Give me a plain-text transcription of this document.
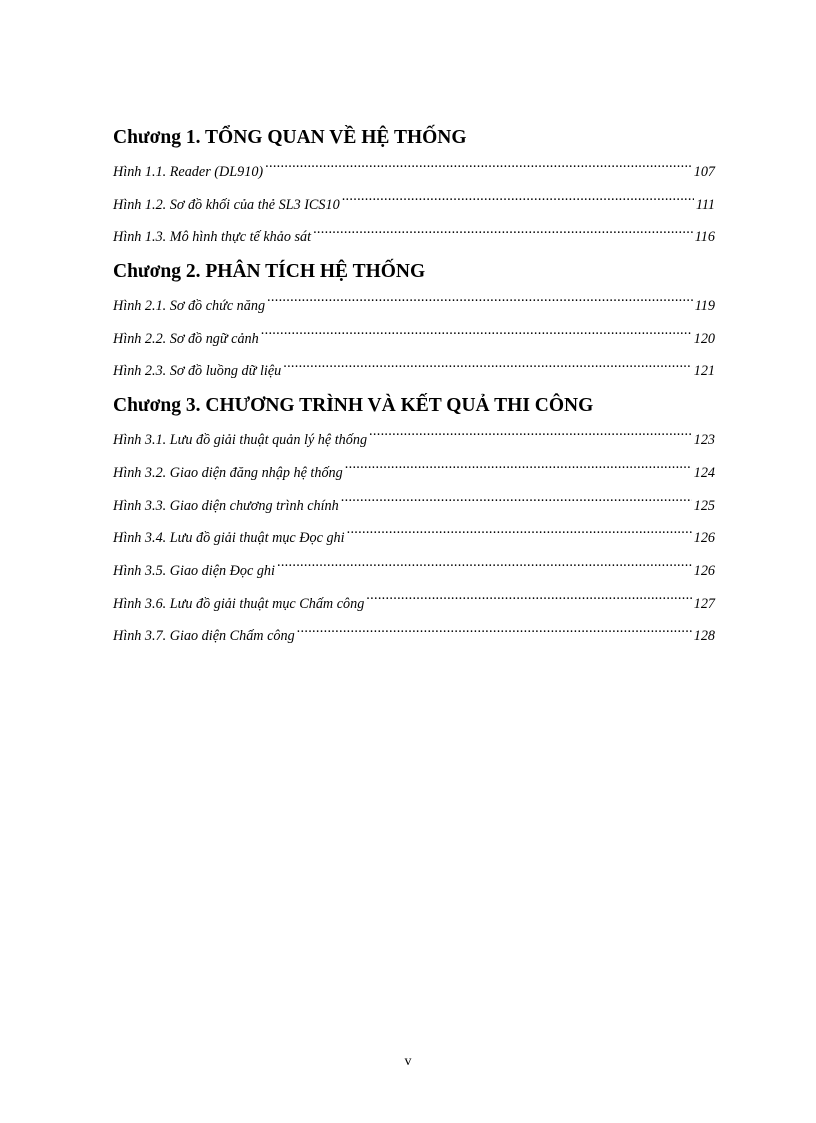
Chương 1. TỔNG QUAN VỀ HỆ THỐNG
Hình 1.1. Reader (DL910) .....	107
Hình 1.2. Sơ đồ khối của thẻ SL3 ICS10 .....	111
Hình 1.3. Mô hình thực tế khảo sát .....	116
Chương 2. PHÂN TÍCH HỆ THỐNG
Hình 2.1. Sơ đồ chức năng .....	119
Hình 2.2. Sơ đồ ngữ cảnh .....	120
Hình 2.3. Sơ đồ luồng dữ liệu .....	121
Chương 3. CHƯƠNG TRÌNH VÀ KẾT QUẢ THI CÔNG
Hình 3.1. Lưu đồ giải thuật quản lý hệ thống .....	123
Hình 3.2. Giao diện đăng nhập hệ thống .....	124
Hình 3.3. Giao diện chương trình chính .....	125
Hình 3.4. Lưu đồ giải thuật mục Đọc ghi .....	126
Hình 3.5. Giao diện Đọc ghi .....	126
Hình 3.6. Lưu đồ giải thuật mục Chấm công .....	127
Hình 3.7. Giao diện Chấm công .....	128
v
